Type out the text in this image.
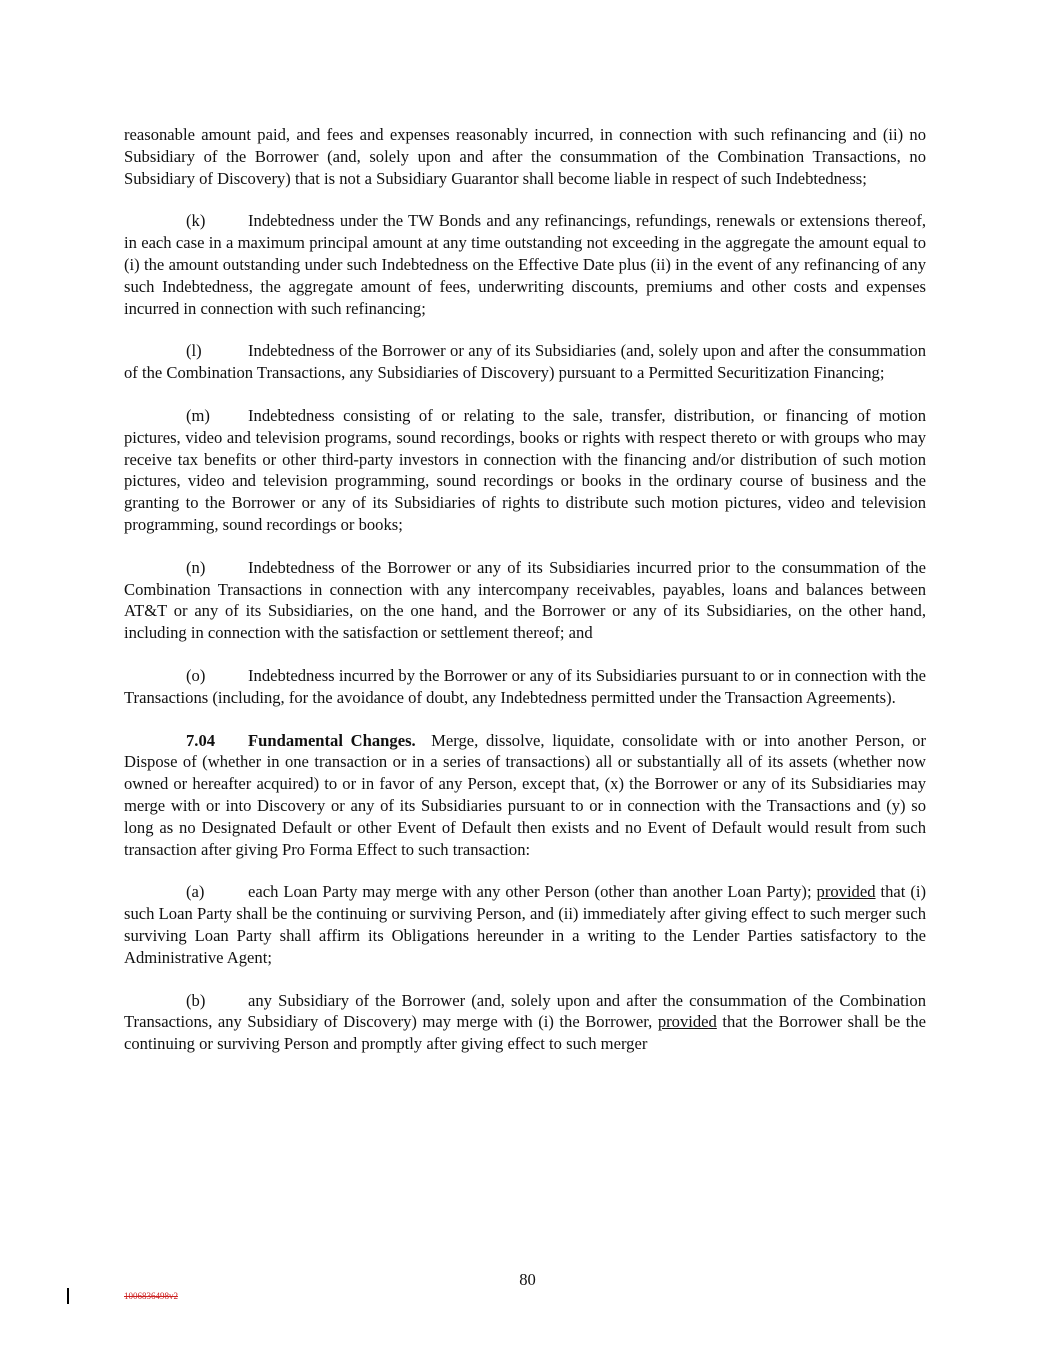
reasonable amount paid, and fees and expenses reasonably incurred, in connection with such refinancing and (ii) no Subsidiary of the Borrower (and, solely upon and after the consummation of the Combination Transactions, no Subsidiary of Discovery) that is not a Subsidiary Guarantor shall become liable in respect of such Indebtedness;

(k)	Indebtedness under the TW Bonds and any refinancings, refundings, renewals or extensions thereof, in each case in a maximum principal amount at any time outstanding not exceeding in the aggregate the amount equal to (i) the amount outstanding under such Indebtedness on the Effective Date plus (ii) in the event of any refinancing of any such Indebtedness, the aggregate amount of fees, underwriting discounts, premiums and other costs and expenses incurred in connection with such refinancing;

(l)	Indebtedness of the Borrower or any of its Subsidiaries (and, solely upon and after the consummation of the Combination Transactions, any Subsidiaries of Discovery) pursuant to a Permitted Securitization Financing;

(m) Indebtedness consisting of or relating to the sale, transfer, distribution, or financing of motion pictures, video and television programs, sound recordings, books or rights with respect thereto or with groups who may receive tax benefits or other third-party investors in connection with the financing and/or distribution of such motion pictures, video and television programming, sound recordings or books in the ordinary course of business and the granting to the Borrower or any of its Subsidiaries of rights to distribute such motion pictures, video and television programming, sound recordings or books;

(n)	Indebtedness of the Borrower or any of its Subsidiaries incurred prior to the consummation of the Combination Transactions in connection with any intercompany receivables, payables, loans and balances between AT&T or any of its Subsidiaries, on the one hand, and the Borrower or any of its Subsidiaries, on the other hand, including in connection with the satisfaction or settlement thereof; and

(o)	Indebtedness incurred by the Borrower or any of its Subsidiaries pursuant to or in connection with the Transactions (including, for the avoidance of doubt, any Indebtedness permitted under the Transaction Agreements).

7.04 Fundamental Changes. Merge, dissolve, liquidate, consolidate with or into another Person, or Dispose of (whether in one transaction or in a series of transactions) all or substantially all of its assets (whether now owned or hereafter acquired) to or in favor of any Person, except that, (x) the Borrower or any of its Subsidiaries may merge with or into Discovery or any of its Subsidiaries pursuant to or in connection with the Transactions and (y) so long as no Designated Default or other Event of Default then exists and no Event of Default would result from such transaction after giving Pro Forma Effect to such transaction:

(a)	each Loan Party may merge with any other Person (other than another Loan Party); provided that (i) such Loan Party shall be the continuing or surviving Person, and (ii) immediately after giving effect to such merger such surviving Loan Party shall affirm its Obligations hereunder in a writing to the Lender Parties satisfactory to the Administrative Agent;

(b)	any Subsidiary of the Borrower (and, solely upon and after the consummation of the Combination Transactions, any Subsidiary of Discovery) may merge with (i) the Borrower, provided that the Borrower shall be the continuing or surviving Person and promptly after giving effect to such merger

80
1006836498v2
